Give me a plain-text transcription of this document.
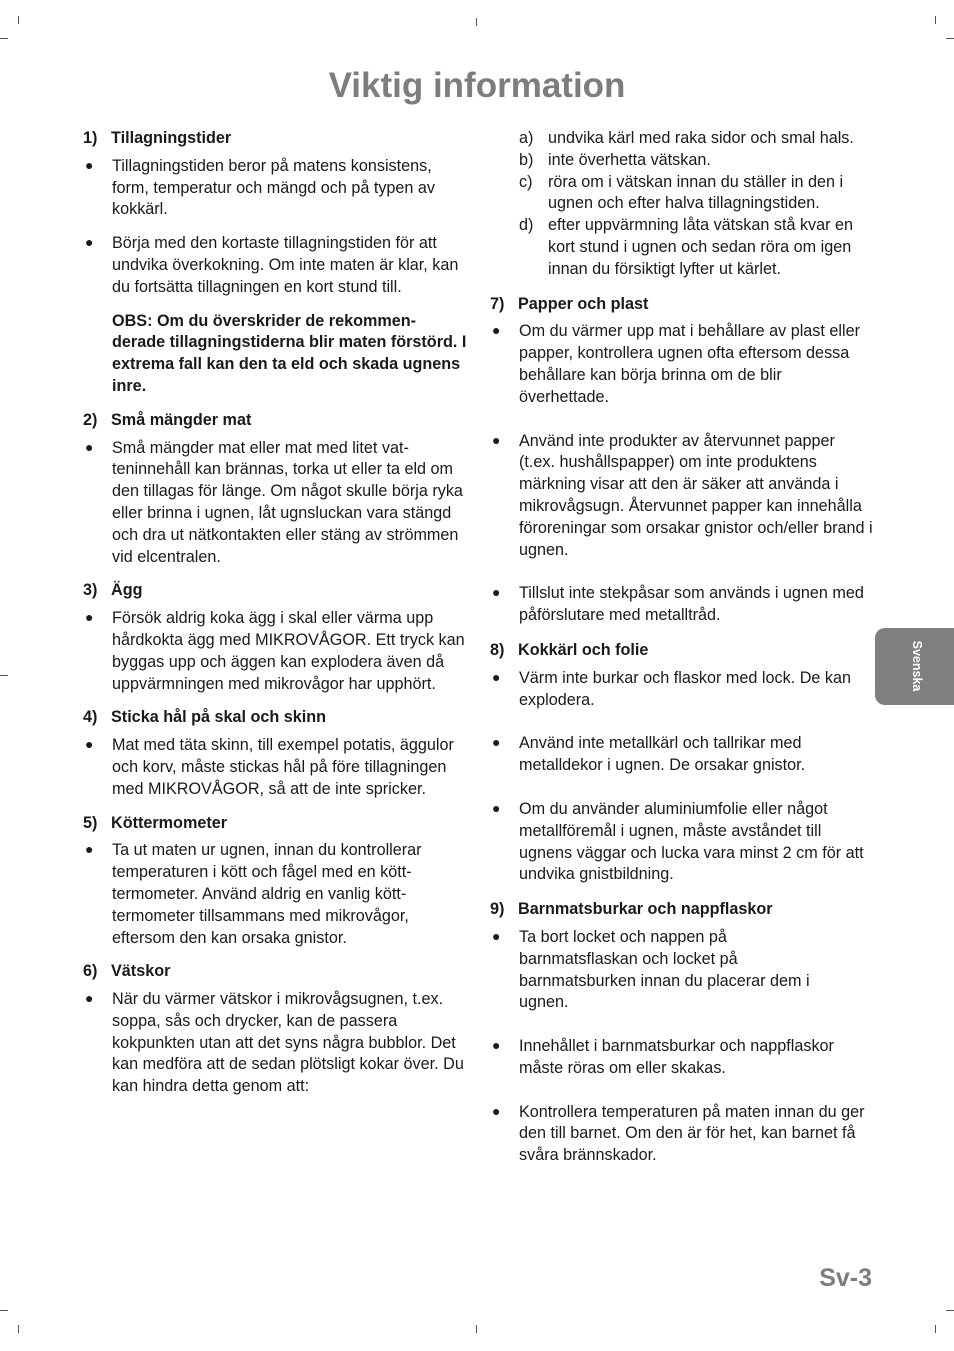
Viktig information
1) Tillagningstider

● Tillagningstiden beror på matens konsistens, form, temperatur och mängd och på typen av kokkärl.

● Börja med den kortaste tillagningstiden för att undvika överkokning. Om inte maten är klar, kan du fortsätta tillagningen en kort stund till.

OBS: Om du överskrider de rekommen-derade tillagningstiderna blir maten förstörd. I extrema fall kan den ta eld och skada ugnens inre.

2) Små mängder mat

● Små mängder mat eller mat med litet vat-teninnehåll kan brännas, torka ut eller ta eld om den tillagas för länge. Om något skulle börja ryka eller brinna i ugnen, låt ugnsluckan vara stängd och dra ut nätkontakten eller stäng av strömmen vid elcentralen.

3) Ägg

● Försök aldrig koka ägg i skal eller värma upp hårdkokta ägg med MIKROVÅGOR. Ett tryck kan byggas upp och äggen kan explodera även då uppvärmningen med mikrovågor har upphört.

4) Sticka hål på skal och skinn

● Mat med täta skinn, till exempel potatis, äggulor och korv, måste stickas hål på före tillagningen med MIKROVÅGOR, så att de inte spricker.

5) Köttermometer

● Ta ut maten ur ugnen, innan du kontrollerar temperaturen i kött och fågel med en kött-termometer. Använd aldrig en vanlig kött-termometer tillsammans med mikrovågor, eftersom den kan orsaka gnistor.

6) Vätskor

● När du värmer vätskor i mikrovågsugnen, t.ex. soppa, sås och drycker, kan de passera kokpunkten utan att det syns några bubblor. Det kan medföra att de sedan plötsligt kokar över. Du kan hindra detta genom att:

a) undvika kärl med raka sidor och smal hals.

b) inte överhetta vätskan.

c) röra om i vätskan innan du ställer in den i ugnen och efter halva tillagningstiden.

d) efter uppvärmning låta vätskan stå kvar en kort stund i ugnen och sedan röra om igen innan du försiktigt lyfter ut kärlet.

7) Papper och plast

● Om du värmer upp mat i behållare av plast eller papper, kontrollera ugnen ofta eftersom dessa behållare kan börja brinna om de blir överhettade.

● Använd inte produkter av återvunnet papper (t.ex. hushållspapper) om inte produktens märkning visar att den är säker att använda i mikrovågsugn. Återvunnet papper kan innehålla föroreningar som orsakar gnistor och/eller brand i ugnen.

● Tillslut inte stekpåsar som används i ugnen med påförslutare med metalltråd.

8) Kokkärl och folie

● Värm inte burkar och flaskor med lock. De kan explodera.

● Använd inte metallkärl och tallrikar med metalldekor i ugnen. De orsakar gnistor.

● Om du använder aluminiumfolie eller något metallföremål i ugnen, måste avståndet till ugnens väggar och lucka vara minst 2 cm för att undvika gnistbildning.

9) Barnmatsburkar och nappflaskor

● Ta bort locket och nappen på barnmatsflaskan och locket på barnmatsburken innan du placerar dem i ugnen.

● Innehållet i barnmatsburkar och nappflaskor måste röras om eller skakas.

● Kontrollera temperaturen på maten innan du ger den till barnet. Om den är för het, kan barnet få svåra brännskador.

Svenska
Sv-3
